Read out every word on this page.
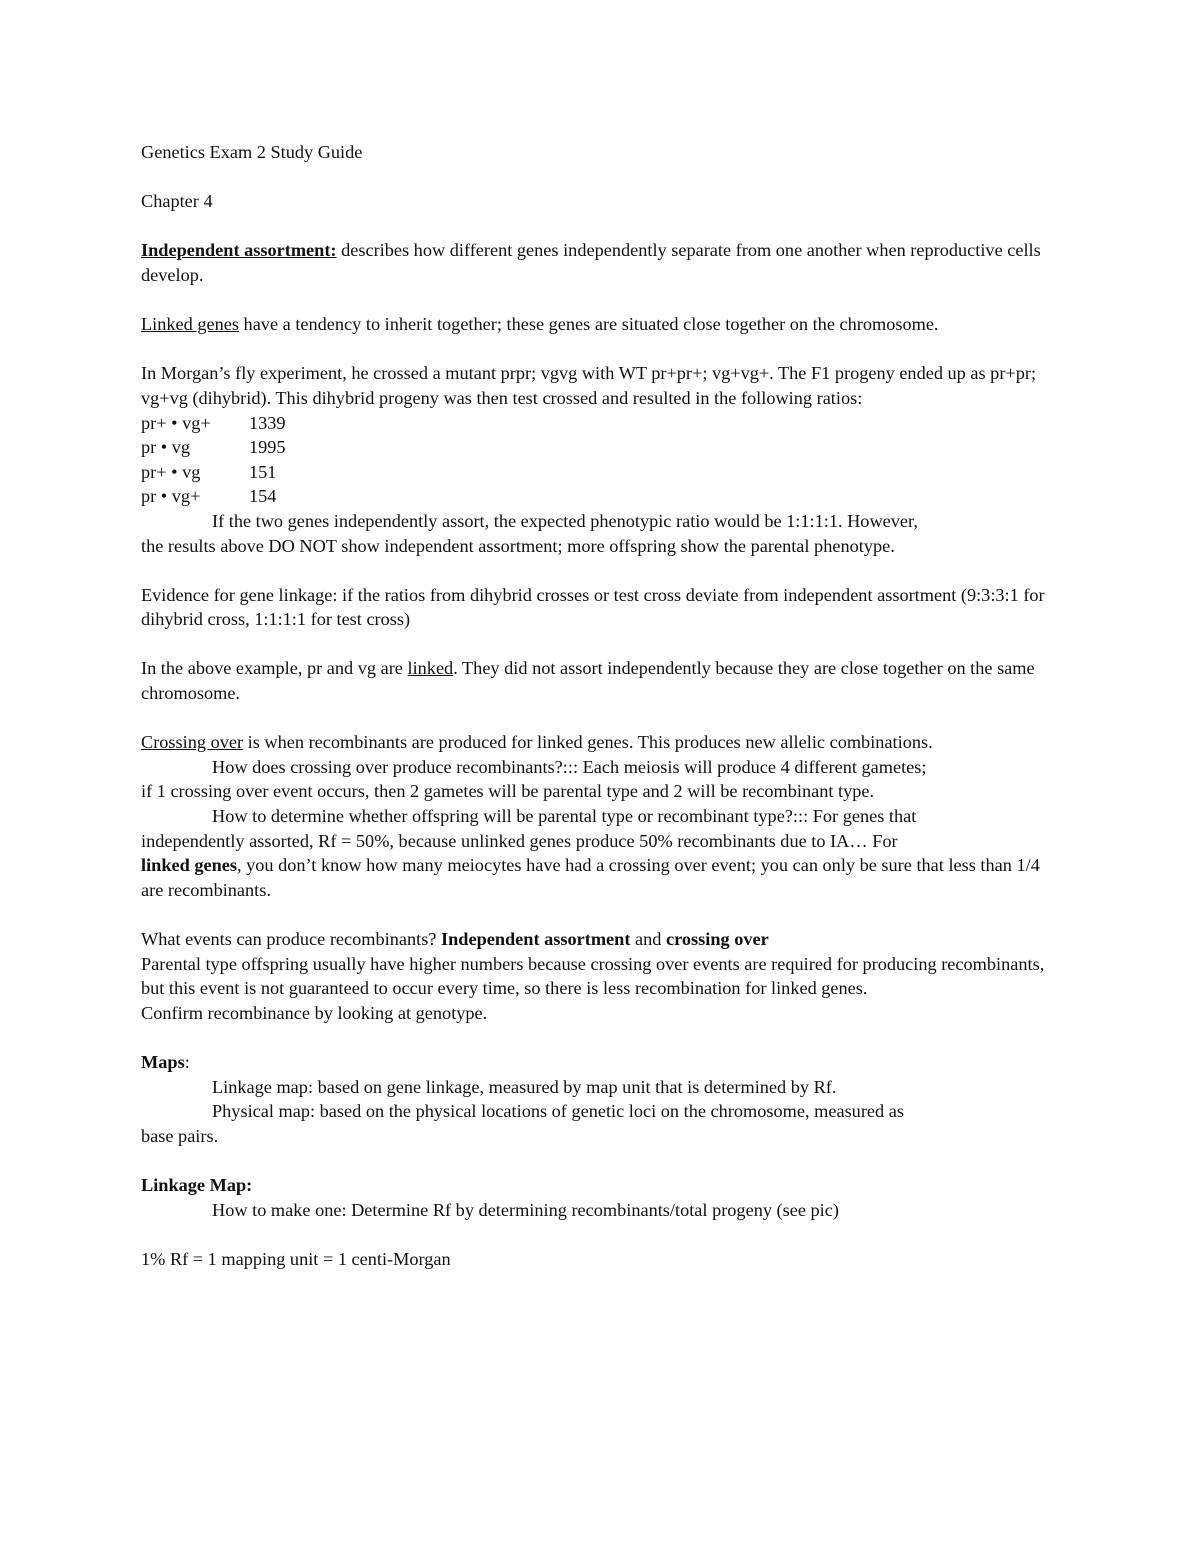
Genetics Exam 2 Study Guide

Chapter 4

Independent assortment: describes how different genes independently separate from one another when reproductive cells develop.

Linked genes have a tendency to inherit together; these genes are situated close together on the chromosome.

In Morgan’s fly experiment, he crossed a mutant prpr; vgvg with WT pr+pr+; vg+vg+. The F1 progeny ended up as pr+pr; vg+vg (dihybrid). This dihybrid progeny was then test crossed and resulted in the following ratios:

pr+ • vg+	1339
pr • vg	1995
pr+ • vg	151
pr • vg+	154

If the two genes independently assort, the expected phenotypic ratio would be 1:1:1:1. However,
the results above DO NOT show independent assortment; more offspring show the parental phenotype.

Evidence for gene linkage: if the ratios from dihybrid crosses or test cross deviate from independent assortment (9:3:3:1 for dihybrid cross, 1:1:1:1 for test cross)

In the above example, pr and vg are linked. They did not assort independently because they are close together on the same chromosome.

Crossing over is when recombinants are produced for linked genes. This produces new allelic combinations.

How does crossing over produce recombinants?::: Each meiosis will produce 4 different gametes;
if 1 crossing over event occurs, then 2 gametes will be parental type and 2 will be recombinant type.

How to determine whether offspring will be parental type or recombinant type?::: For genes that
independently assorted, Rf = 50%, because unlinked genes produce 50% recombinants due to IA… For
linked genes, you don’t know how many meiocytes have had a crossing over event; you can only be sure that less than 1/4 are recombinants.

What events can produce recombinants? Independent assortment and crossing over

Parental type offspring usually have higher numbers because crossing over events are required for producing recombinants, but this event is not guaranteed to occur every time, so there is less recombination for linked genes.

Confirm recombinance by looking at genotype.

Maps:

Linkage map: based on gene linkage, measured by map unit that is determined by Rf.

Physical map: based on the physical locations of genetic loci on the chromosome, measured as
base pairs.

Linkage Map:

How to make one: Determine Rf by determining recombinants/total progeny (see pic)

1% Rf = 1 mapping unit = 1 centi-Morgan
